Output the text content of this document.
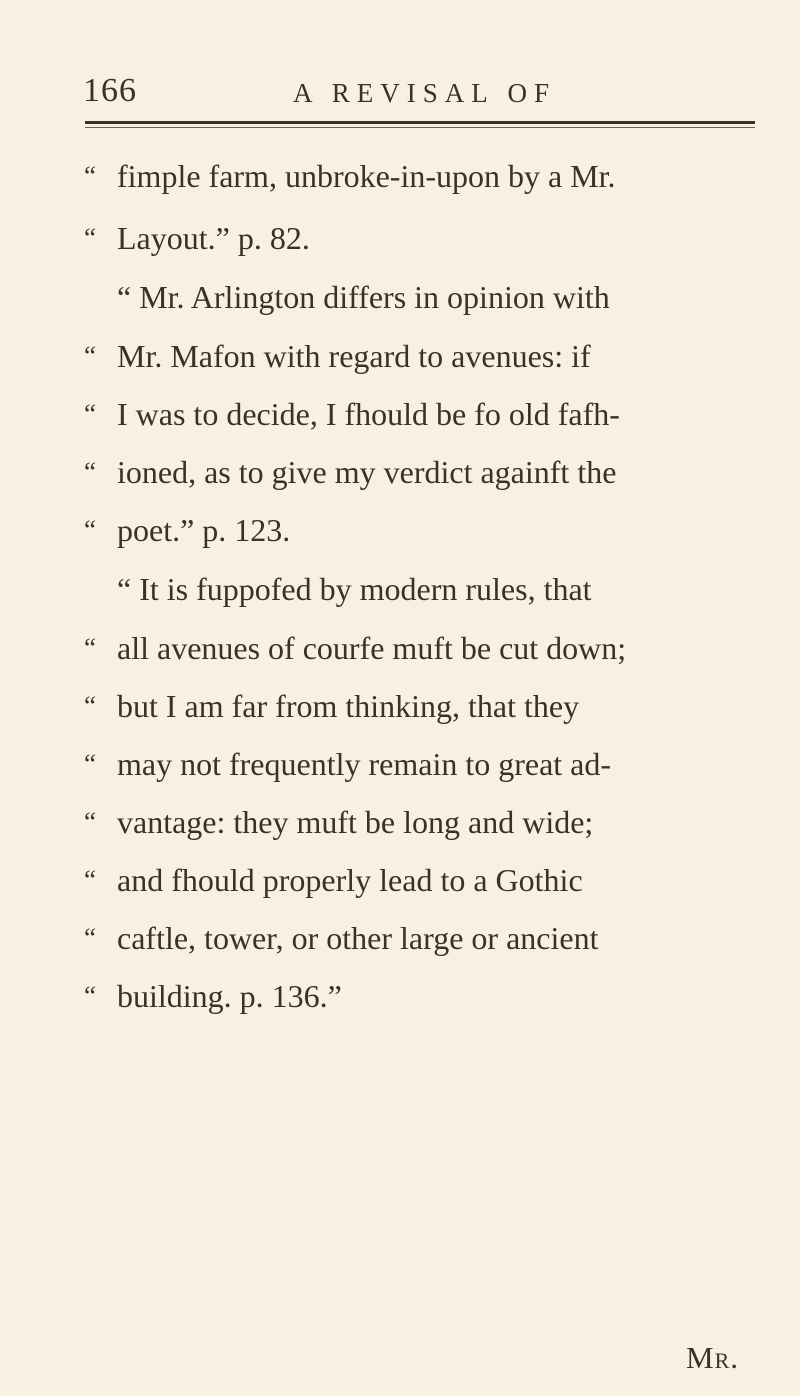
166	A REVISAL OF
“ fimple farm, unbroke-in-upon by a Mr.
“ Layout.” p. 82.
“ Mr. Arlington differs in opinion with
“ Mr. Mafon with regard to avenues: if
“ I was to decide, I fhould be fo old fafh-
“ ioned, as to give my verdict againft the
“ poet.” p. 123.
“ It is fuppofed by modern rules, that
“ all avenues of courfe muft be cut down;
“ but I am far from thinking, that they
“ may not frequently remain to great ad-
“ vantage: they muft be long and wide;
“ and fhould properly lead to a Gothic
“ caftle, tower, or other large or ancient
“ building. p. 136.”
Mr.
